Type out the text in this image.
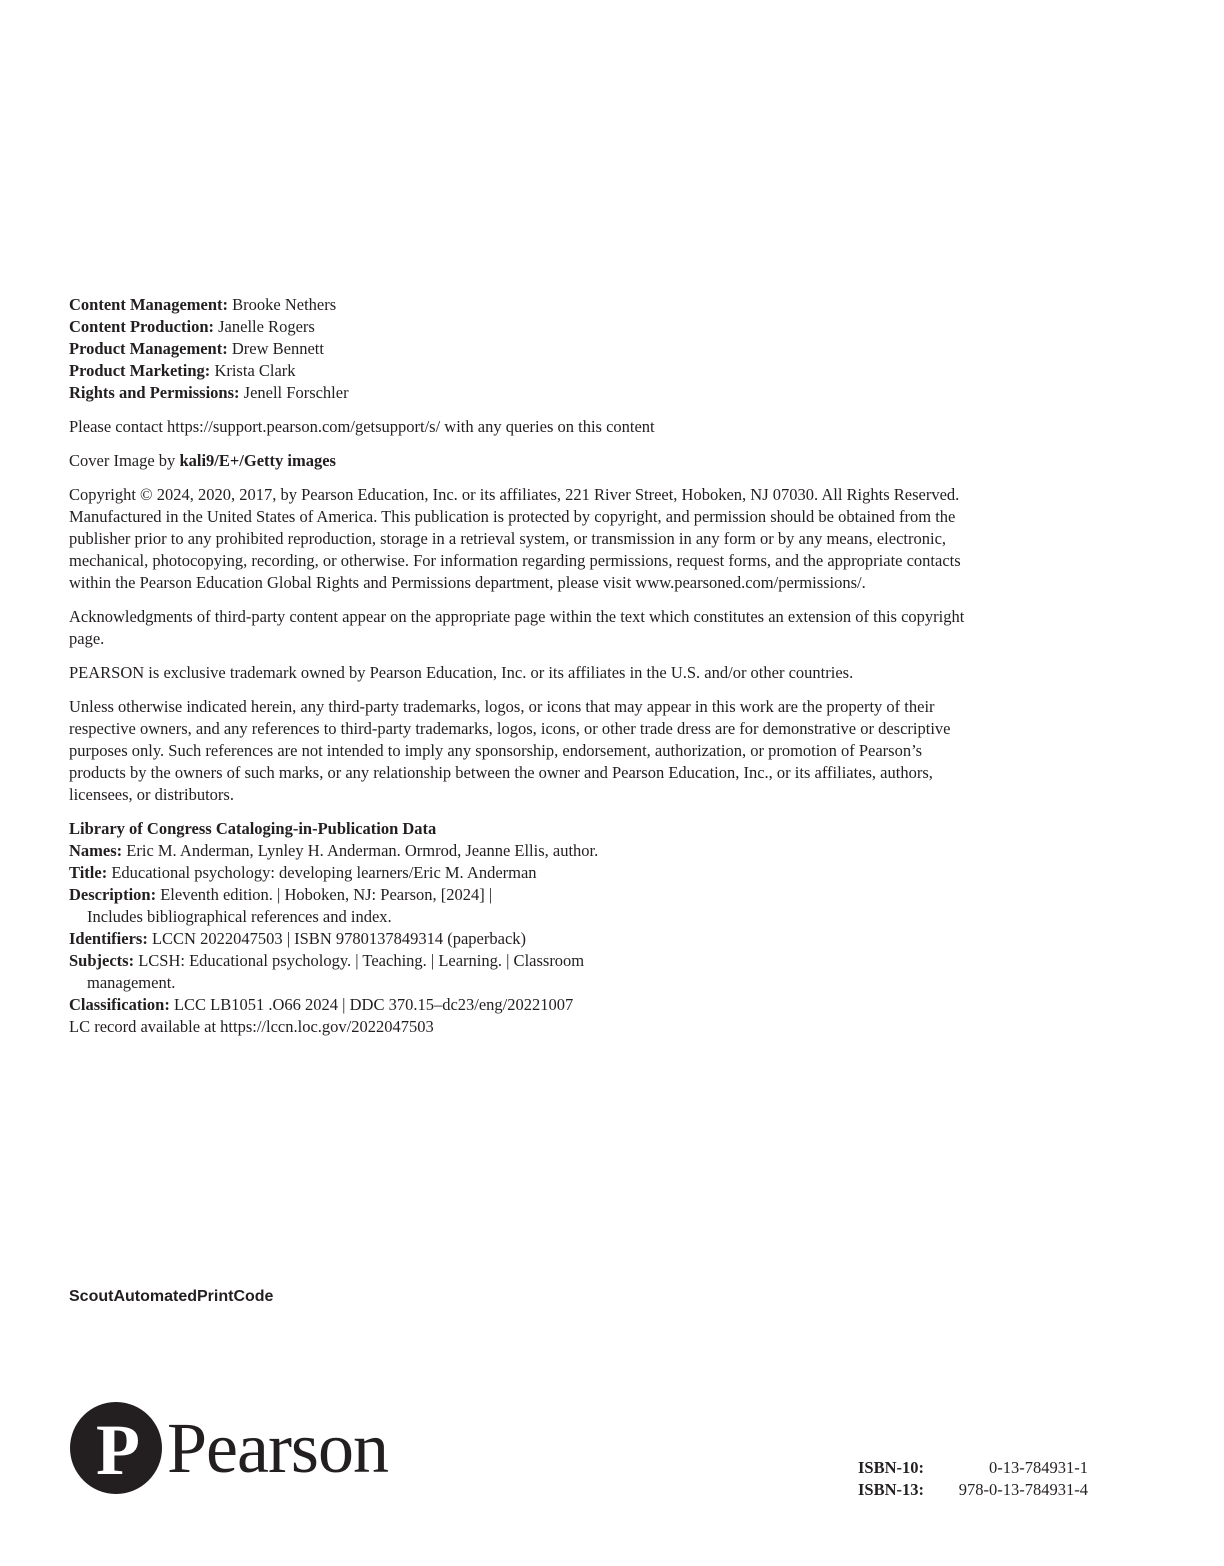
Content Management: Brooke Nethers

Content Production: Janelle Rogers

Product Management: Drew Bennett

Product Marketing: Krista Clark

Rights and Permissions: Jenell Forschler

Please contact https://support.pearson.com/getsupport/s/ with any queries on this content

Cover Image by kali9/E+/Getty images

Copyright © 2024, 2020, 2017, by Pearson Education, Inc. or its affiliates, 221 River Street, Hoboken, NJ 07030. All Rights Reserved. Manufactured in the United States of America. This publication is protected by copyright, and permission should be obtained from the publisher prior to any prohibited reproduction, storage in a retrieval system, or transmission in any form or by any means, electronic, mechanical, photocopying, recording, or otherwise. For information regarding permissions, request forms, and the appropriate contacts within the Pearson Education Global Rights and Permissions department, please visit www.pearsoned.com/permissions/.

Acknowledgments of third-party content appear on the appropriate page within the text which constitutes an extension of this copyright page.

PEARSON is exclusive trademark owned by Pearson Education, Inc. or its affiliates in the U.S. and/or other countries.

Unless otherwise indicated herein, any third-party trademarks, logos, or icons that may appear in this work are the property of their respective owners, and any references to third-party trademarks, logos, icons, or other trade dress are for demonstrative or descriptive purposes only. Such references are not intended to imply any sponsorship, endorsement, authorization, or promotion of Pearson’s products by the owners of such marks, or any relationship between the owner and Pearson Education, Inc., or its affiliates, authors, licensees, or distributors.

Library of Congress Cataloging-in-Publication Data

Names: Eric M. Anderman, Lynley H. Anderman. Ormrod, Jeanne Ellis, author.

Title: Educational psychology: developing learners/Eric M. Anderman

Description: Eleventh edition. | Hoboken, NJ: Pearson, [2024] |

Includes bibliographical references and index.

Identifiers: LCCN 2022047503 | ISBN 9780137849314 (paperback)

Subjects: LCSH: Educational psychology. | Teaching. | Learning. | Classroom

management.

Classification: LCC LB1051 .O66 2024 | DDC 370.15–dc23/eng/20221007

LC record available at https://lccn.loc.gov/2022047503

ScoutAutomatedPrintCode
P Pearson	ISBN-10:	0-13-784931-1
ISBN-13: 978-0-13-784931-4
